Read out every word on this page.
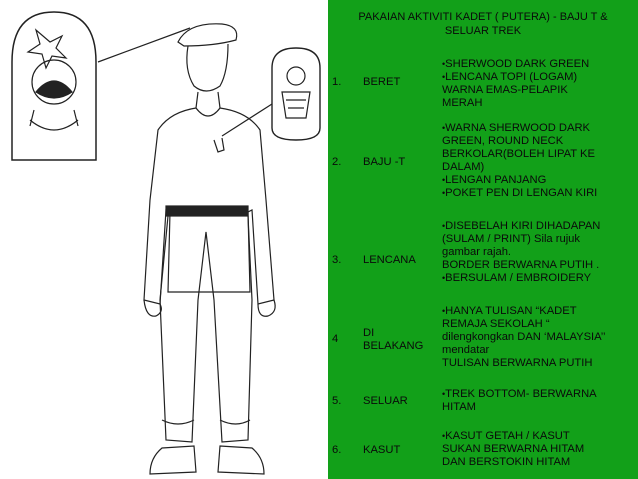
PAKAIAN AKTIVITI KADET ( PUTERA) - BAJU T &
SELUAR TREK
1. BERET
• SHERWOOD DARK GREEN
• LENCANA TOPI (LOGAM)
WARNA EMAS-PELAPIK
MERAH
2. BAJU -T
• WARNA SHERWOOD DARK
GREEN, ROUND NECK
BERKOLAR(BOLEH LIPAT KE
DALAM)
• LENGAN PANJANG
• POKET PEN DI LENGAN KIRI
3. LENCANA
• DISEBELAH KIRI DIHADAPAN
(SULAM / PRINT) Sila rujuk
gambar rajah.
BORDER BERWARNA PUTIH .
• BERSULAM / EMBROIDERY
4 DI
BELAKANG
• HANYA TULISAN “KADET
REMAJA SEKOLAH “
dilengkongkan DAN ‘MALAYSIA’’
mendatar
TULISAN BERWARNA PUTIH
5. SELUAR
• TREK BOTTOM- BERWARNA
HITAM
6. KASUT
• KASUT GETAH / KASUT
SUKAN BERWARNA HITAM
DAN BERSTOKIN HITAM
